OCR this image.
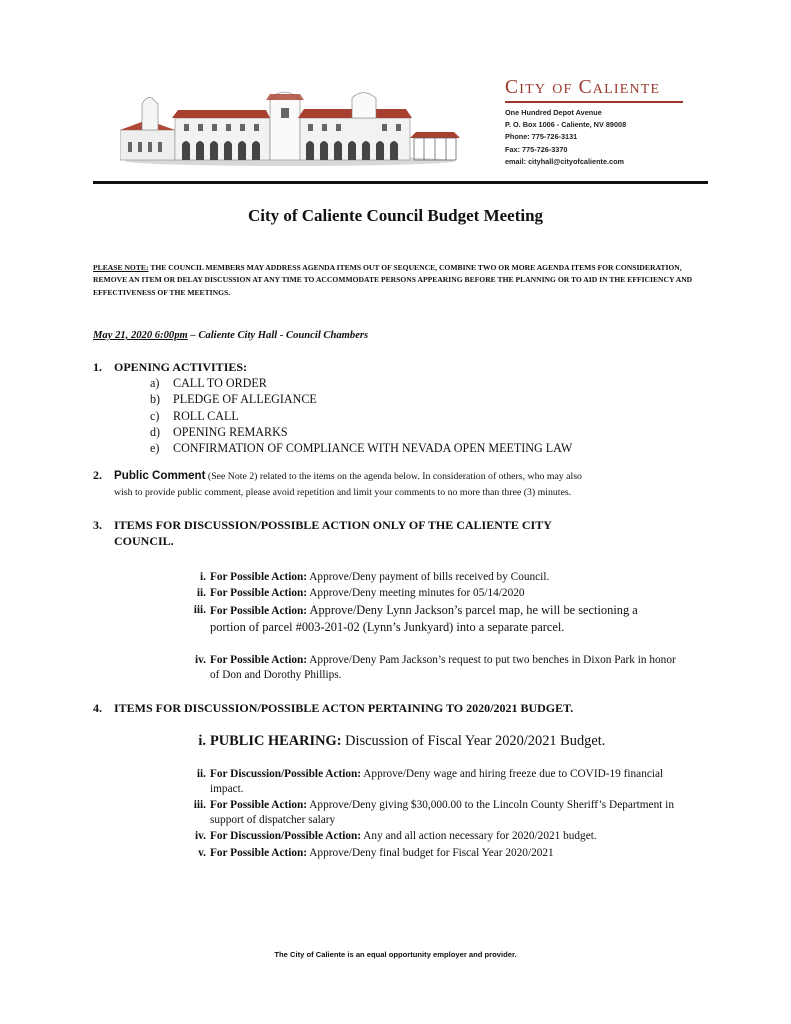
City of Caliente
One Hundred Depot Avenue
P. O. Box 1006 - Caliente, NV 89008
Phone: 775-726-3131
Fax: 775-726-3370
email: cityhall@cityofcaliente.com
City of Caliente Council Budget Meeting
PLEASE NOTE: THE COUNCIL MEMBERS MAY ADDRESS AGENDA ITEMS OUT OF SEQUENCE, COMBINE TWO OR MORE AGENDA ITEMS FOR CONSIDERATION, REMOVE AN ITEM OR DELAY DISCUSSION AT ANY TIME TO ACCOMMODATE PERSONS APPEARING BEFORE THE PLANNING OR TO AID IN THE EFFICIENCY AND EFFECTIVENESS OF THE MEETINGS.
May 21, 2020 6:00pm – Caliente City Hall - Council Chambers
1. OPENING ACTIVITIES:
a) CALL TO ORDER
b) PLEDGE OF ALLEGIANCE
c) ROLL CALL
d) OPENING REMARKS
e) CONFIRMATION OF COMPLIANCE WITH NEVADA OPEN MEETING LAW
2. Public Comment (See Note 2) related to the items on the agenda below. In consideration of others, who may also
wish to provide public comment, please avoid repetition and limit your comments to no more than three (3) minutes.
3. ITEMS FOR DISCUSSION/POSSIBLE ACTION ONLY OF THE CALIENTE CITY
COUNCIL.
i. For Possible Action: Approve/Deny payment of bills received by Council.
ii. For Possible Action: Approve/Deny meeting minutes for 05/14/2020
iii. For Possible Action: Approve/Deny Lynn Jackson’s parcel map, he will be sectioning a portion of parcel #003-201-02 (Lynn’s Junkyard) into a separate parcel.
iv. For Possible Action: Approve/Deny Pam Jackson’s request to put two benches in Dixon Park in honor of Don and Dorothy Phillips.
4. ITEMS FOR DISCUSSION/POSSIBLE ACTON PERTAINING TO 2020/2021 BUDGET.
i. PUBLIC HEARING: Discussion of Fiscal Year 2020/2021 Budget.
ii. For Discussion/Possible Action: Approve/Deny wage and hiring freeze due to COVID-19 financial impact.
iii. For Possible Action: Approve/Deny giving $30,000.00 to the Lincoln County Sheriff’s Department in support of dispatcher salary
iv. For Discussion/Possible Action: Any and all action necessary for 2020/2021 budget.
v. For Possible Action: Approve/Deny final budget for Fiscal Year 2020/2021
The City of Caliente is an equal opportunity employer and provider.
